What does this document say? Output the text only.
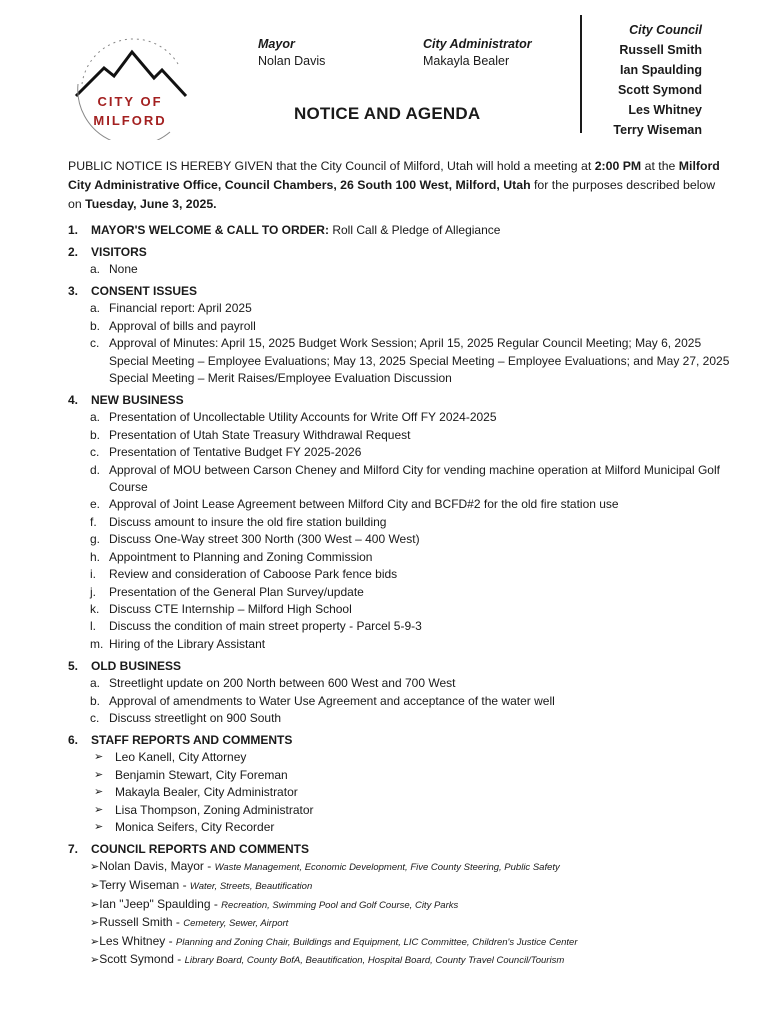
CITY OF
MILFORD
Mayor
Nolan Davis
City Administrator
Makayla Bealer
NOTICE AND AGENDA
City Council
Russell Smith
Ian Spaulding
Scott Symond
Les Whitney
Terry Wiseman
PUBLIC NOTICE IS HEREBY GIVEN that the City Council of Milford, Utah will hold a meeting at 2:00 PM at the Milford City Administrative Office, Council Chambers, 26 South 100 West, Milford, Utah for the purposes described below on Tuesday, June 3, 2025.
1. MAYOR'S WELCOME & CALL TO ORDER: Roll Call & Pledge of Allegiance
2. VISITORS
a. None
3. CONSENT ISSUES
a. Financial report: April 2025
b. Approval of bills and payroll
c. Approval of Minutes: April 15, 2025 Budget Work Session; April 15, 2025 Regular Council Meeting; May 6, 2025 Special Meeting – Employee Evaluations; May 13, 2025 Special Meeting – Employee Evaluations; and May 27, 2025 Special Meeting – Merit Raises/Employee Evaluation Discussion
4. NEW BUSINESS
a. Presentation of Uncollectable Utility Accounts for Write Off FY 2024-2025
b. Presentation of Utah State Treasury Withdrawal Request
c. Presentation of Tentative Budget FY 2025-2026
d. Approval of MOU between Carson Cheney and Milford City for vending machine operation at Milford Municipal Golf Course
e. Approval of Joint Lease Agreement between Milford City and BCFD#2 for the old fire station use
f. Discuss amount to insure the old fire station building
g. Discuss One-Way street 300 North (300 West – 400 West)
h. Appointment to Planning and Zoning Commission
i. Review and consideration of Caboose Park fence bids
j. Presentation of the General Plan Survey/update
k. Discuss CTE Internship – Milford High School
l. Discuss the condition of main street property - Parcel 5-9-3
m. Hiring of the Library Assistant
5. OLD BUSINESS
a. Streetlight update on 200 North between 600 West and 700 West
b. Approval of amendments to Water Use Agreement and acceptance of the water well
c. Discuss streetlight on 900 South
6. STAFF REPORTS AND COMMENTS
➢ Leo Kanell, City Attorney
➢ Benjamin Stewart, City Foreman
➢ Makayla Bealer, City Administrator
➢ Lisa Thompson, Zoning Administrator
➢ Monica Seifers, City Recorder
7. COUNCIL REPORTS AND COMMENTS
➢Nolan Davis, Mayor - Waste Management, Economic Development, Five County Steering, Public Safety
➢Terry Wiseman - Water, Streets, Beautification
➢Ian "Jeep" Spaulding - Recreation, Swimming Pool and Golf Course, City Parks
➢Russell Smith - Cemetery, Sewer, Airport
➢Les Whitney - Planning and Zoning Chair, Buildings and Equipment, LIC Committee, Children's Justice Center
➢Scott Symond - Library Board, County BofA, Beautification, Hospital Board, County Travel Council/Tourism
